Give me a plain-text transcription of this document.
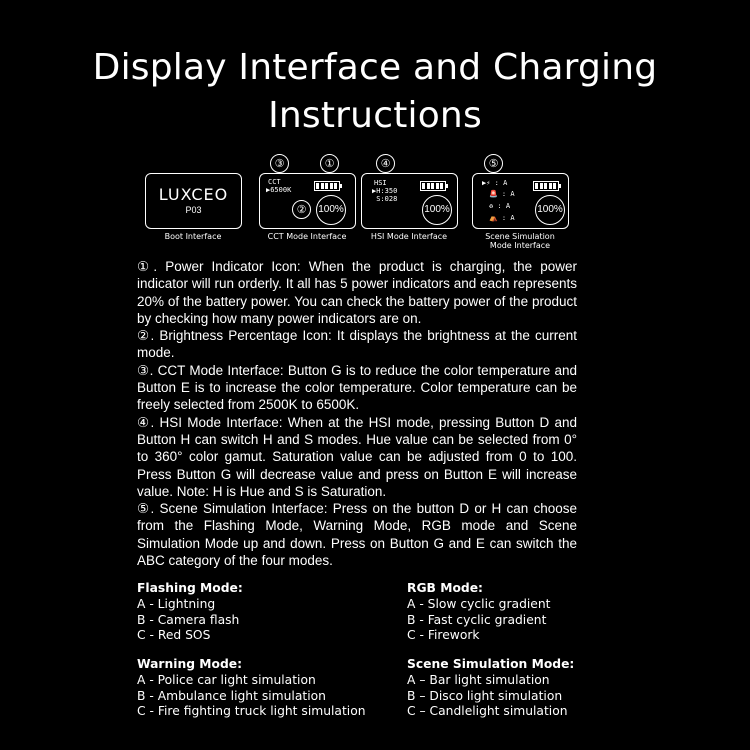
Display Interface and Charging
Instructions
③	①	④	⑤
LUXCEO
P03
Boot Interface
CCT
▶6500K
②	100%
CCT Mode Interface
HSI
▶H:350
S:028
100%
HSI Mode Interface
▶⚡ : A
🚨 : A
♻ : A
⛺ : A
100%
Scene Simulation
Mode Interface

①. Power Indicator Icon: When the product is charging, the power indicator will run orderly. It all has 5 power indicators and each represents 20% of the battery power. You can check the battery power of the product by checking how many power indicators are on.

②. Brightness Percentage Icon: It displays the brightness at the current mode.

③. CCT Mode Interface: Button G is to reduce the color temperature and Button E is to increase the color temperature. Color temperature can be freely selected from 2500K to 6500K.

④. HSI Mode Interface: When at the HSI mode, pressing Button D and Button H can switch H and S modes. Hue value can be selected from 0° to 360° color gamut. Saturation value can be adjusted from 0 to 100. Press Button G will decrease value and press on Button E will increase value. Note: H is Hue and S is Saturation.

⑤. Scene Simulation Interface: Press on the button D or H can choose from the Flashing Mode, Warning Mode, RGB mode and Scene Simulation Mode up and down. Press on Button G and E can switch the ABC category of the four modes.

Flashing Mode:
A - Lightning
B - Camera flash
C - Red SOS
RGB Mode:
A - Slow cyclic gradient
B - Fast cyclic gradient
C - Firework
Warning Mode:
A - Police car light simulation
B - Ambulance light simulation
C - Fire fighting truck light simulation
Scene Simulation Mode:
A – Bar light simulation
B – Disco light simulation
C – Candlelight simulation
